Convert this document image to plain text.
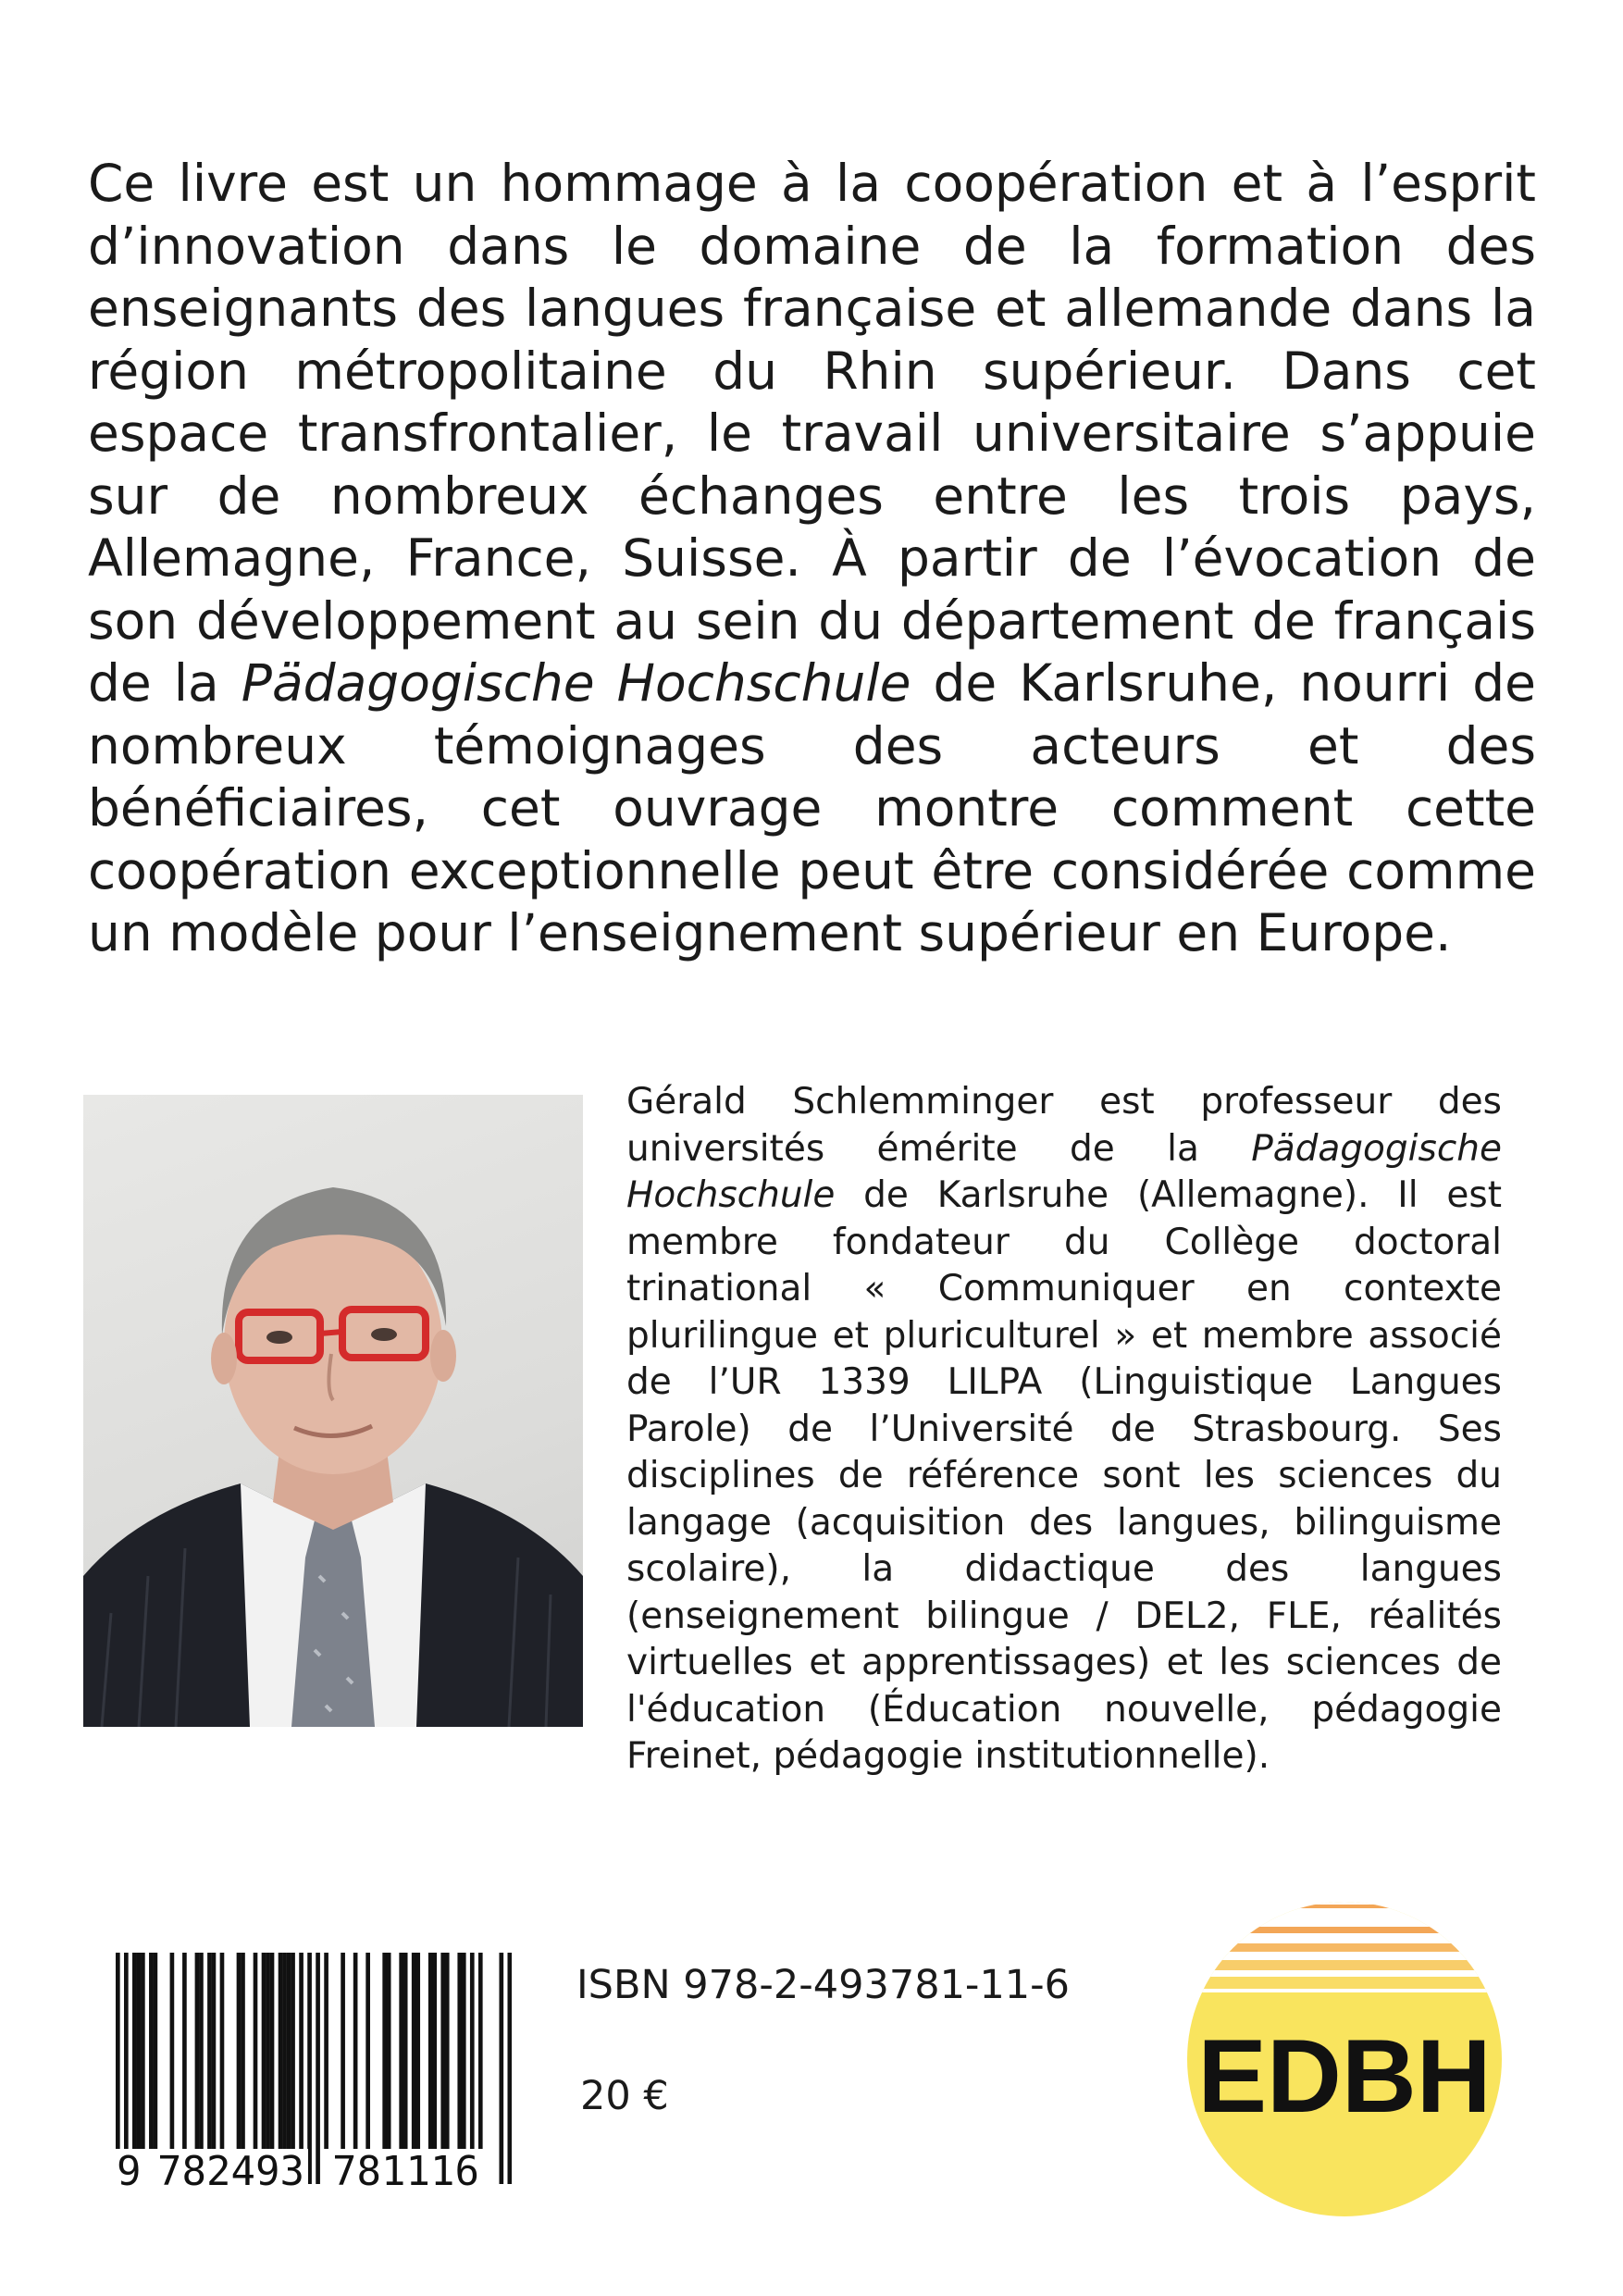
Ce livre est un hommage à la coopération et à l’esprit d’innovation dans le domaine de la formation des enseignants des langues française et allemande dans la région métropolitaine du Rhin supérieur. Dans cet espace transfrontalier, le travail universitaire s’appuie sur de nombreux échanges entre les trois pays, Allemagne, France, Suisse. À partir de l’évocation de son développement au sein du département de français de la Pädagogische Hochschule de Karlsruhe, nourri de nombreux témoignages des acteurs et des bénéficiaires, cet ouvrage montre comment cette coopération exceptionnelle peut être considérée comme un modèle pour l’enseignement supérieur en Europe.

Gérald Schlemminger est professeur des universités émérite de la Pädagogische Hochschule de Karlsruhe (Allemagne). Il est membre fondateur du Collège doctoral trinational « Communiquer en contexte plurilingue et pluriculturel » et membre associé de l’UR 1339 LILPA (Linguistique Langues Parole) de l’Université de Strasbourg. Ses disciplines de référence sont les sciences du langage (acquisition des langues, bilinguisme scolaire), la didactique des langues (enseignement bilingue / DEL2, FLE, réalités virtuelles et apprentissages) et les sciences de l'éducation (Éducation nouvelle, pédagogie Freinet, pédagogie institutionnelle).

9 782493 781116
ISBN 978-2-493781-11-6
20 €	EDBH
